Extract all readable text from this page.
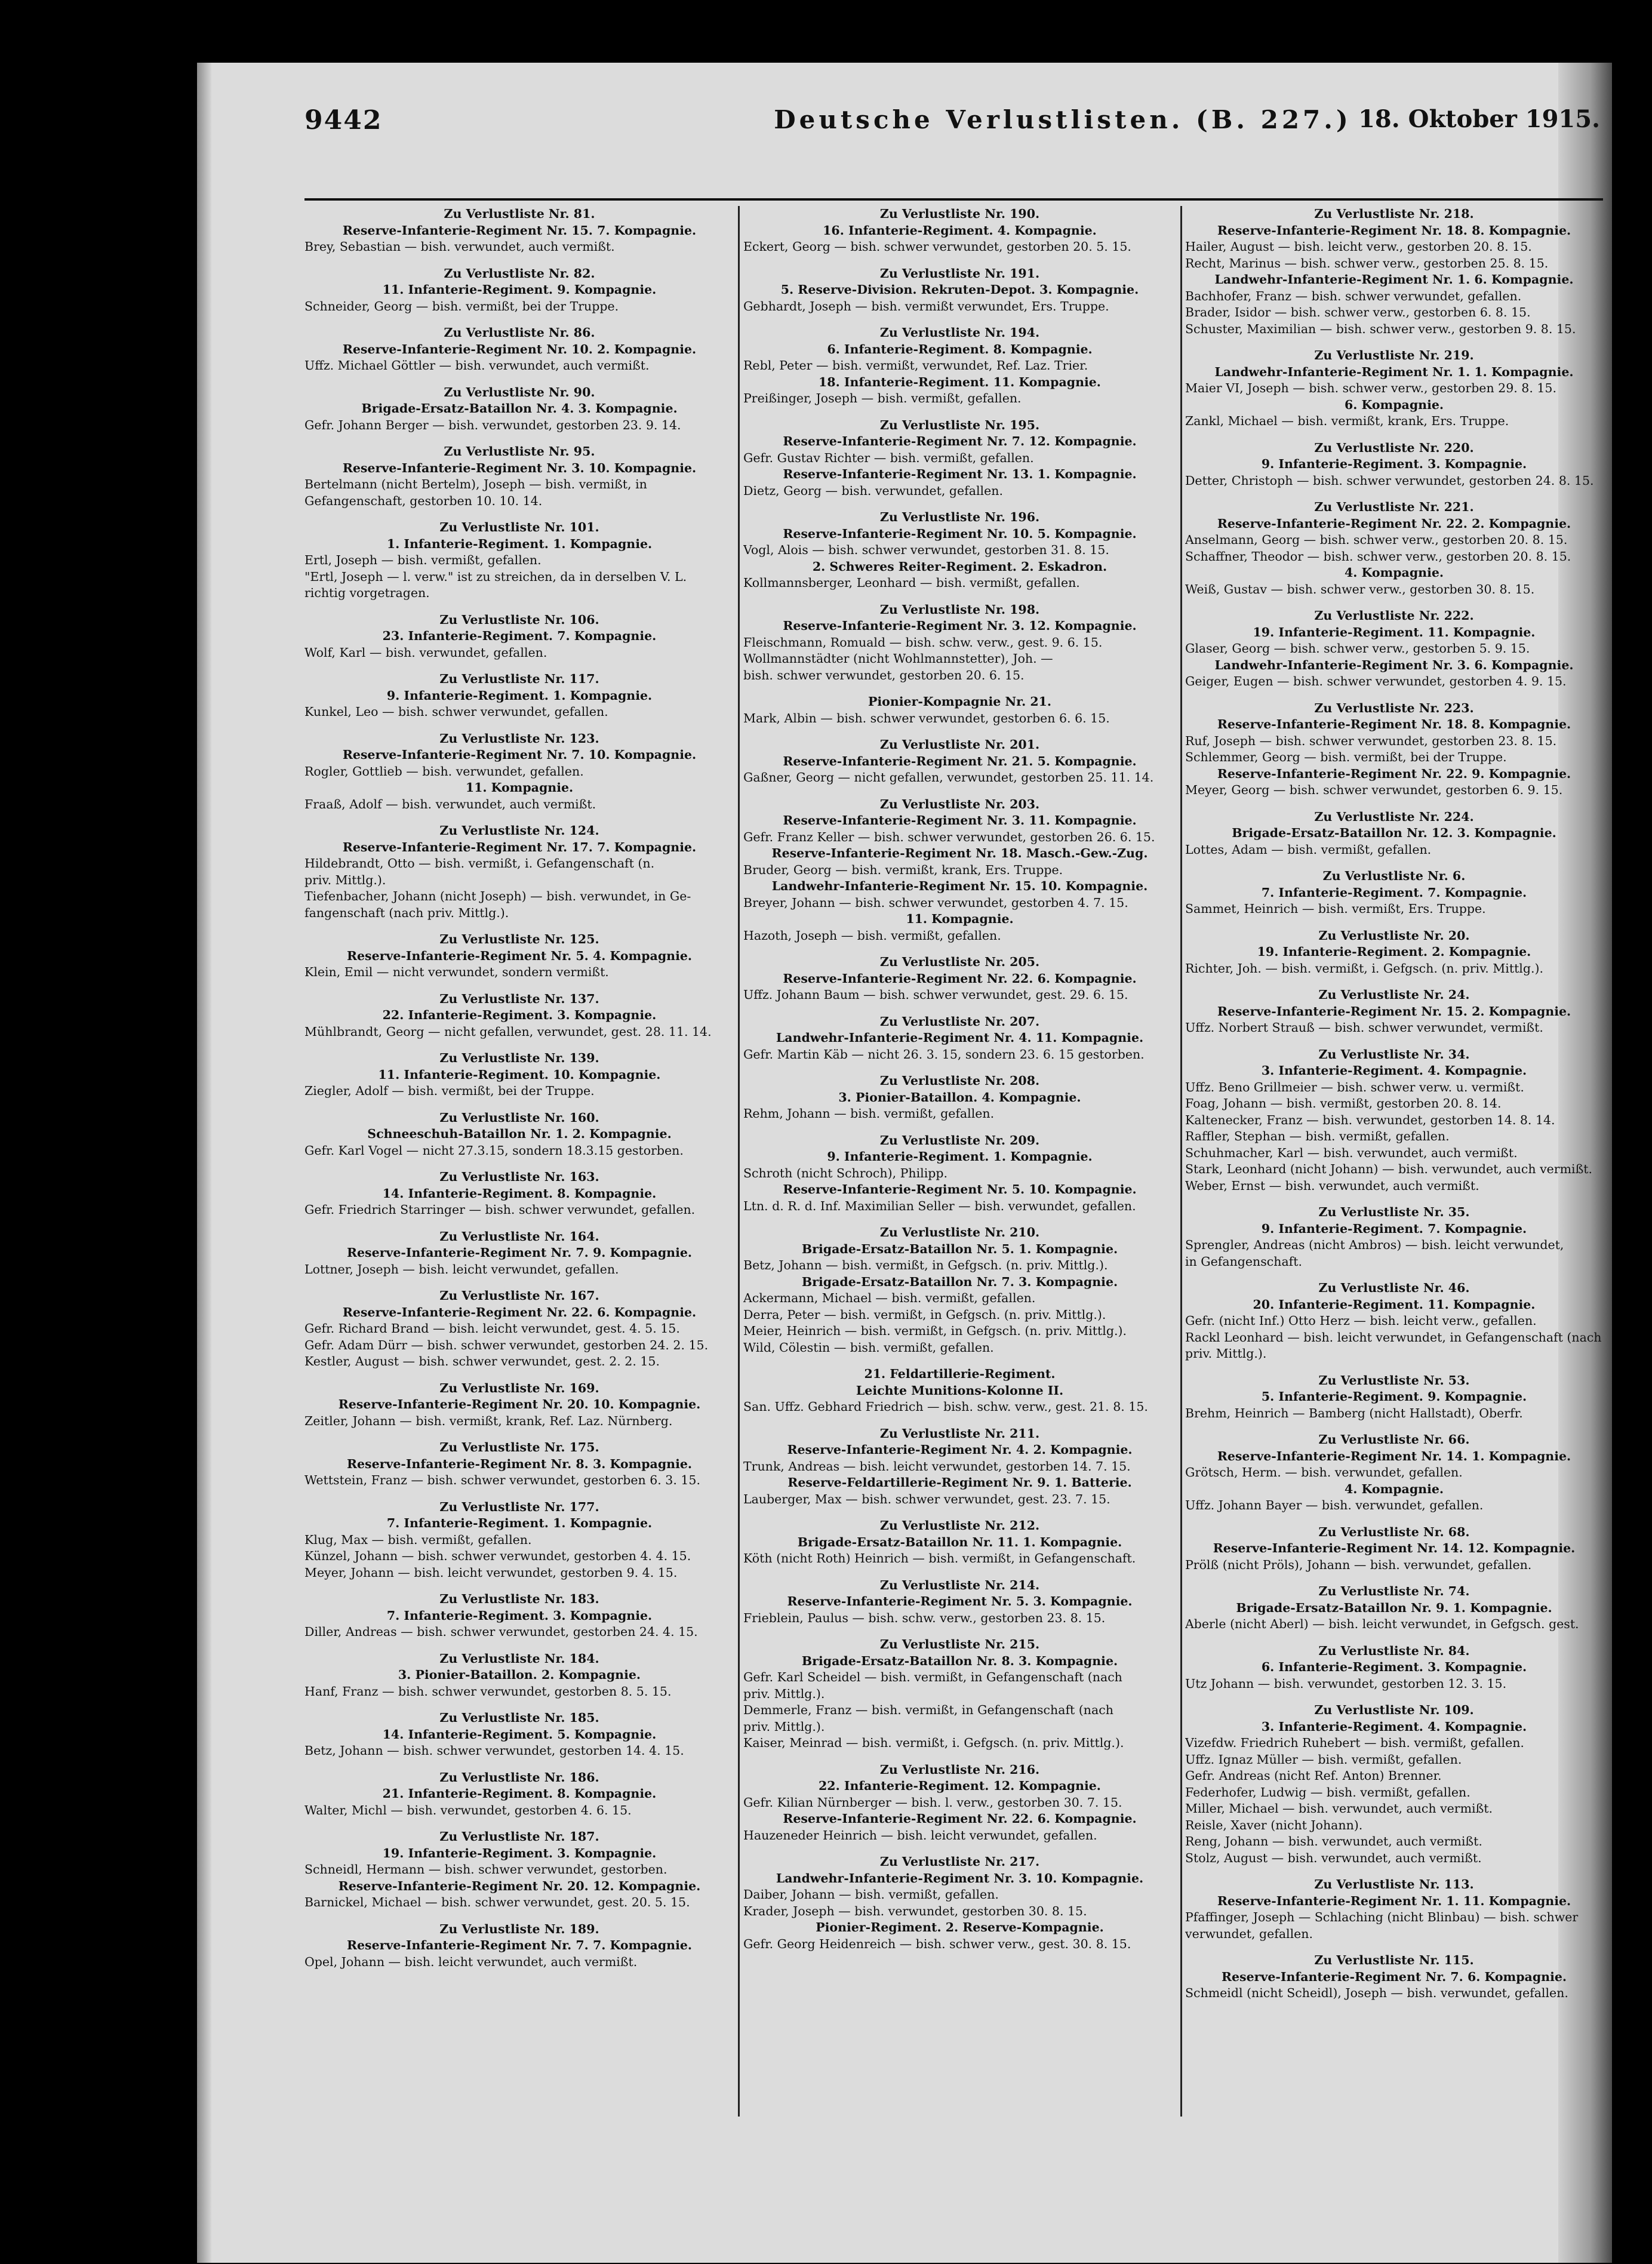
9442	Deutsche Verlustlisten. (B. 227.) 18. Oktober 1915.
Zu Verlustliste Nr. 81.
Reserve-Infanterie-Regiment Nr. 15. 7. Kompagnie.
Brey, Sebastian — bish. verwundet, auch vermißt.
Zu Verlustliste Nr. 82.
11. Infanterie-Regiment. 9. Kompagnie.
Schneider, Georg — bish. vermißt, bei der Truppe.
Zu Verlustliste Nr. 86.
Reserve-Infanterie-Regiment Nr. 10. 2. Kompagnie.
Uffz. Michael Göttler — bish. verwundet, auch vermißt.
Zu Verlustliste Nr. 90.
Brigade-Ersatz-Bataillon Nr. 4. 3. Kompagnie.
Gefr. Johann Berger — bish. verwundet, gestorben 23. 9. 14.
Zu Verlustliste Nr. 95.
Reserve-Infanterie-Regiment Nr. 3. 10. Kompagnie.
Bertelmann (nicht Bertelm), Joseph — bish. vermißt, in
Gefangenschaft, gestorben 10. 10. 14.
Zu Verlustliste Nr. 101.
1. Infanterie-Regiment. 1. Kompagnie.
Ertl, Joseph — bish. vermißt, gefallen.
"Ertl, Joseph — l. verw." ist zu streichen, da in derselben V. L.
richtig vorgetragen.
Zu Verlustliste Nr. 106.
23. Infanterie-Regiment. 7. Kompagnie.
Wolf, Karl — bish. verwundet, gefallen.
Zu Verlustliste Nr. 117.
9. Infanterie-Regiment. 1. Kompagnie.
Kunkel, Leo — bish. schwer verwundet, gefallen.
Zu Verlustliste Nr. 123.
Reserve-Infanterie-Regiment Nr. 7. 10. Kompagnie.
Rogler, Gottlieb — bish. verwundet, gefallen.
11. Kompagnie.
Fraaß, Adolf — bish. verwundet, auch vermißt.
Zu Verlustliste Nr. 124.
Reserve-Infanterie-Regiment Nr. 17. 7. Kompagnie.
Hildebrandt, Otto — bish. vermißt, i. Gefangenschaft (n.
priv. Mittlg.).
Tiefenbacher, Johann (nicht Joseph) — bish. verwundet, in Ge-
fangenschaft (nach priv. Mittlg.).
Zu Verlustliste Nr. 125.
Reserve-Infanterie-Regiment Nr. 5. 4. Kompagnie.
Klein, Emil — nicht verwundet, sondern vermißt.
Zu Verlustliste Nr. 137.
22. Infanterie-Regiment. 3. Kompagnie.
Mühlbrandt, Georg — nicht gefallen, verwundet, gest. 28. 11. 14.
Zu Verlustliste Nr. 139.
11. Infanterie-Regiment. 10. Kompagnie.
Ziegler, Adolf — bish. vermißt, bei der Truppe.
Zu Verlustliste Nr. 160.
Schneeschuh-Bataillon Nr. 1. 2. Kompagnie.
Gefr. Karl Vogel — nicht 27.3.15, sondern 18.3.15 gestorben.
Zu Verlustliste Nr. 163.
14. Infanterie-Regiment. 8. Kompagnie.
Gefr. Friedrich Starringer — bish. schwer verwundet, gefallen.
Zu Verlustliste Nr. 164.
Reserve-Infanterie-Regiment Nr. 7. 9. Kompagnie.
Lottner, Joseph — bish. leicht verwundet, gefallen.
Zu Verlustliste Nr. 167.
Reserve-Infanterie-Regiment Nr. 22. 6. Kompagnie.
Gefr. Richard Brand — bish. leicht verwundet, gest. 4. 5. 15.
Gefr. Adam Dürr — bish. schwer verwundet, gestorben 24. 2. 15.
Kestler, August — bish. schwer verwundet, gest. 2. 2. 15.
Zu Verlustliste Nr. 169.
Reserve-Infanterie-Regiment Nr. 20. 10. Kompagnie.
Zeitler, Johann — bish. vermißt, krank, Ref. Laz. Nürnberg.
Zu Verlustliste Nr. 175.
Reserve-Infanterie-Regiment Nr. 8. 3. Kompagnie.
Wettstein, Franz — bish. schwer verwundet, gestorben 6. 3. 15.
Zu Verlustliste Nr. 177.
7. Infanterie-Regiment. 1. Kompagnie.
Klug, Max — bish. vermißt, gefallen.
Künzel, Johann — bish. schwer verwundet, gestorben 4. 4. 15.
Meyer, Johann — bish. leicht verwundet, gestorben 9. 4. 15.
Zu Verlustliste Nr. 183.
7. Infanterie-Regiment. 3. Kompagnie.
Diller, Andreas — bish. schwer verwundet, gestorben 24. 4. 15.
Zu Verlustliste Nr. 184.
3. Pionier-Bataillon. 2. Kompagnie.
Hanf, Franz — bish. schwer verwundet, gestorben 8. 5. 15.
Zu Verlustliste Nr. 185.
14. Infanterie-Regiment. 5. Kompagnie.
Betz, Johann — bish. schwer verwundet, gestorben 14. 4. 15.
Zu Verlustliste Nr. 186.
21. Infanterie-Regiment. 8. Kompagnie.
Walter, Michl — bish. verwundet, gestorben 4. 6. 15.
Zu Verlustliste Nr. 187.
19. Infanterie-Regiment. 3. Kompagnie.
Schneidl, Hermann — bish. schwer verwundet, gestorben.
Reserve-Infanterie-Regiment Nr. 20. 12. Kompagnie.
Barnickel, Michael — bish. schwer verwundet, gest. 20. 5. 15.
Zu Verlustliste Nr. 189.
Reserve-Infanterie-Regiment Nr. 7. 7. Kompagnie.
Opel, Johann — bish. leicht verwundet, auch vermißt.
Zu Verlustliste Nr. 190.
16. Infanterie-Regiment. 4. Kompagnie.
Eckert, Georg — bish. schwer verwundet, gestorben 20. 5. 15.
Zu Verlustliste Nr. 191.
5. Reserve-Division. Rekruten-Depot. 3. Kompagnie.
Gebhardt, Joseph — bish. vermißt verwundet, Ers. Truppe.
Zu Verlustliste Nr. 194.
6. Infanterie-Regiment. 8. Kompagnie.
Rebl, Peter — bish. vermißt, verwundet, Ref. Laz. Trier.
18. Infanterie-Regiment. 11. Kompagnie.
Preißinger, Joseph — bish. vermißt, gefallen.
Zu Verlustliste Nr. 195.
Reserve-Infanterie-Regiment Nr. 7. 12. Kompagnie.
Gefr. Gustav Richter — bish. vermißt, gefallen.
Reserve-Infanterie-Regiment Nr. 13. 1. Kompagnie.
Dietz, Georg — bish. verwundet, gefallen.
Zu Verlustliste Nr. 196.
Reserve-Infanterie-Regiment Nr. 10. 5. Kompagnie.
Vogl, Alois — bish. schwer verwundet, gestorben 31. 8. 15.
2. Schweres Reiter-Regiment. 2. Eskadron.
Kollmannsberger, Leonhard — bish. vermißt, gefallen.
Zu Verlustliste Nr. 198.
Reserve-Infanterie-Regiment Nr. 3. 12. Kompagnie.
Fleischmann, Romuald — bish. schw. verw., gest. 9. 6. 15.
Wollmannstädter (nicht Wohlmannstetter), Joh. —
bish. schwer verwundet, gestorben 20. 6. 15.
Pionier-Kompagnie Nr. 21.
Mark, Albin — bish. schwer verwundet, gestorben 6. 6. 15.
Zu Verlustliste Nr. 201.
Reserve-Infanterie-Regiment Nr. 21. 5. Kompagnie.
Gaßner, Georg — nicht gefallen, verwundet, gestorben 25. 11. 14.
Zu Verlustliste Nr. 203.
Reserve-Infanterie-Regiment Nr. 3. 11. Kompagnie.
Gefr. Franz Keller — bish. schwer verwundet, gestorben 26. 6. 15.
Reserve-Infanterie-Regiment Nr. 18. Masch.-Gew.-Zug.
Bruder, Georg — bish. vermißt, krank, Ers. Truppe.
Landwehr-Infanterie-Regiment Nr. 15. 10. Kompagnie.
Breyer, Johann — bish. schwer verwundet, gestorben 4. 7. 15.
11. Kompagnie.
Hazoth, Joseph — bish. vermißt, gefallen.
Zu Verlustliste Nr. 205.
Reserve-Infanterie-Regiment Nr. 22. 6. Kompagnie.
Uffz. Johann Baum — bish. schwer verwundet, gest. 29. 6. 15.
Zu Verlustliste Nr. 207.
Landwehr-Infanterie-Regiment Nr. 4. 11. Kompagnie.
Gefr. Martin Käb — nicht 26. 3. 15, sondern 23. 6. 15 gestorben.
Zu Verlustliste Nr. 208.
3. Pionier-Bataillon. 4. Kompagnie.
Rehm, Johann — bish. vermißt, gefallen.
Zu Verlustliste Nr. 209.
9. Infanterie-Regiment. 1. Kompagnie.
Schroth (nicht Schroch), Philipp.
Reserve-Infanterie-Regiment Nr. 5. 10. Kompagnie.
Ltn. d. R. d. Inf. Maximilian Seller — bish. verwundet, gefallen.
Zu Verlustliste Nr. 210.
Brigade-Ersatz-Bataillon Nr. 5. 1. Kompagnie.
Betz, Johann — bish. vermißt, in Gefgsch. (n. priv. Mittlg.).
Brigade-Ersatz-Bataillon Nr. 7. 3. Kompagnie.
Ackermann, Michael — bish. vermißt, gefallen.
Derra, Peter — bish. vermißt, in Gefgsch. (n. priv. Mittlg.).
Meier, Heinrich — bish. vermißt, in Gefgsch. (n. priv. Mittlg.).
Wild, Cölestin — bish. vermißt, gefallen.
21. Feldartillerie-Regiment.
Leichte Munitions-Kolonne II.
San. Uffz. Gebhard Friedrich — bish. schw. verw., gest. 21. 8. 15.
Zu Verlustliste Nr. 211.
Reserve-Infanterie-Regiment Nr. 4. 2. Kompagnie.
Trunk, Andreas — bish. leicht verwundet, gestorben 14. 7. 15.
Reserve-Feldartillerie-Regiment Nr. 9. 1. Batterie.
Lauberger, Max — bish. schwer verwundet, gest. 23. 7. 15.
Zu Verlustliste Nr. 212.
Brigade-Ersatz-Bataillon Nr. 11. 1. Kompagnie.
Köth (nicht Roth) Heinrich — bish. vermißt, in Gefangenschaft.
Zu Verlustliste Nr. 214.
Reserve-Infanterie-Regiment Nr. 5. 3. Kompagnie.
Frieblein, Paulus — bish. schw. verw., gestorben 23. 8. 15.
Zu Verlustliste Nr. 215.
Brigade-Ersatz-Bataillon Nr. 8. 3. Kompagnie.
Gefr. Karl Scheidel — bish. vermißt, in Gefangenschaft (nach
priv. Mittlg.).
Demmerle, Franz — bish. vermißt, in Gefangenschaft (nach
priv. Mittlg.).
Kaiser, Meinrad — bish. vermißt, i. Gefgsch. (n. priv. Mittlg.).
Zu Verlustliste Nr. 216.
22. Infanterie-Regiment. 12. Kompagnie.
Gefr. Kilian Nürnberger — bish. l. verw., gestorben 30. 7. 15.
Reserve-Infanterie-Regiment Nr. 22. 6. Kompagnie.
Hauzeneder Heinrich — bish. leicht verwundet, gefallen.
Zu Verlustliste Nr. 217.
Landwehr-Infanterie-Regiment Nr. 3. 10. Kompagnie.
Daiber, Johann — bish. vermißt, gefallen.
Krader, Joseph — bish. verwundet, gestorben 30. 8. 15.
Pionier-Regiment. 2. Reserve-Kompagnie.
Gefr. Georg Heidenreich — bish. schwer verw., gest. 30. 8. 15.
Zu Verlustliste Nr. 218.
Reserve-Infanterie-Regiment Nr. 18. 8. Kompagnie.
Hailer, August — bish. leicht verw., gestorben 20. 8. 15.
Recht, Marinus — bish. schwer verw., gestorben 25. 8. 15.
Landwehr-Infanterie-Regiment Nr. 1. 6. Kompagnie.
Bachhofer, Franz — bish. schwer verwundet, gefallen.
Brader, Isidor — bish. schwer verw., gestorben 6. 8. 15.
Schuster, Maximilian — bish. schwer verw., gestorben 9. 8. 15.
Zu Verlustliste Nr. 219.
Landwehr-Infanterie-Regiment Nr. 1. 1. Kompagnie.
Maier VI, Joseph — bish. schwer verw., gestorben 29. 8. 15.
6. Kompagnie.
Zankl, Michael — bish. vermißt, krank, Ers. Truppe.
Zu Verlustliste Nr. 220.
9. Infanterie-Regiment. 3. Kompagnie.
Detter, Christoph — bish. schwer verwundet, gestorben 24. 8. 15.
Zu Verlustliste Nr. 221.
Reserve-Infanterie-Regiment Nr. 22. 2. Kompagnie.
Anselmann, Georg — bish. schwer verw., gestorben 20. 8. 15.
Schaffner, Theodor — bish. schwer verw., gestorben 20. 8. 15.
4. Kompagnie.
Weiß, Gustav — bish. schwer verw., gestorben 30. 8. 15.
Zu Verlustliste Nr. 222.
19. Infanterie-Regiment. 11. Kompagnie.
Glaser, Georg — bish. schwer verw., gestorben 5. 9. 15.
Landwehr-Infanterie-Regiment Nr. 3. 6. Kompagnie.
Geiger, Eugen — bish. schwer verwundet, gestorben 4. 9. 15.
Zu Verlustliste Nr. 223.
Reserve-Infanterie-Regiment Nr. 18. 8. Kompagnie.
Ruf, Joseph — bish. schwer verwundet, gestorben 23. 8. 15.
Schlemmer, Georg — bish. vermißt, bei der Truppe.
Reserve-Infanterie-Regiment Nr. 22. 9. Kompagnie.
Meyer, Georg — bish. schwer verwundet, gestorben 6. 9. 15.
Zu Verlustliste Nr. 224.
Brigade-Ersatz-Bataillon Nr. 12. 3. Kompagnie.
Lottes, Adam — bish. vermißt, gefallen.
Zu Verlustliste Nr. 6.
7. Infanterie-Regiment. 7. Kompagnie.
Sammet, Heinrich — bish. vermißt, Ers. Truppe.
Zu Verlustliste Nr. 20.
19. Infanterie-Regiment. 2. Kompagnie.
Richter, Joh. — bish. vermißt, i. Gefgsch. (n. priv. Mittlg.).
Zu Verlustliste Nr. 24.
Reserve-Infanterie-Regiment Nr. 15. 2. Kompagnie.
Uffz. Norbert Strauß — bish. schwer verwundet, vermißt.
Zu Verlustliste Nr. 34.
3. Infanterie-Regiment. 4. Kompagnie.
Uffz. Beno Grillmeier — bish. schwer verw. u. vermißt.
Foag, Johann — bish. vermißt, gestorben 20. 8. 14.
Kaltenecker, Franz — bish. verwundet, gestorben 14. 8. 14.
Raffler, Stephan — bish. vermißt, gefallen.
Schuhmacher, Karl — bish. verwundet, auch vermißt.
Stark, Leonhard (nicht Johann) — bish. verwundet, auch vermißt.
Weber, Ernst — bish. verwundet, auch vermißt.
Zu Verlustliste Nr. 35.
9. Infanterie-Regiment. 7. Kompagnie.
Sprengler, Andreas (nicht Ambros) — bish. leicht verwundet,
in Gefangenschaft.
Zu Verlustliste Nr. 46.
20. Infanterie-Regiment. 11. Kompagnie.
Gefr. (nicht Inf.) Otto Herz — bish. leicht verw., gefallen.
Rackl Leonhard — bish. leicht verwundet, in Gefangenschaft (nach
priv. Mittlg.).
Zu Verlustliste Nr. 53.
5. Infanterie-Regiment. 9. Kompagnie.
Brehm, Heinrich — Bamberg (nicht Hallstadt), Oberfr.
Zu Verlustliste Nr. 66.
Reserve-Infanterie-Regiment Nr. 14. 1. Kompagnie.
Grötsch, Herm. — bish. verwundet, gefallen.
4. Kompagnie.
Uffz. Johann Bayer — bish. verwundet, gefallen.
Zu Verlustliste Nr. 68.
Reserve-Infanterie-Regiment Nr. 14. 12. Kompagnie.
Prölß (nicht Pröls), Johann — bish. verwundet, gefallen.
Zu Verlustliste Nr. 74.
Brigade-Ersatz-Bataillon Nr. 9. 1. Kompagnie.
Aberle (nicht Aberl) — bish. leicht verwundet, in Gefgsch. gest.
Zu Verlustliste Nr. 84.
6. Infanterie-Regiment. 3. Kompagnie.
Utz Johann — bish. verwundet, gestorben 12. 3. 15.
Zu Verlustliste Nr. 109.
3. Infanterie-Regiment. 4. Kompagnie.
Vizefdw. Friedrich Ruhebert — bish. vermißt, gefallen.
Uffz. Ignaz Müller — bish. vermißt, gefallen.
Gefr. Andreas (nicht Ref. Anton) Brenner.
Federhofer, Ludwig — bish. vermißt, gefallen.
Miller, Michael — bish. verwundet, auch vermißt.
Reisle, Xaver (nicht Johann).
Reng, Johann — bish. verwundet, auch vermißt.
Stolz, August — bish. verwundet, auch vermißt.
Zu Verlustliste Nr. 113.
Reserve-Infanterie-Regiment Nr. 1. 11. Kompagnie.
Pfaffinger, Joseph — Schlaching (nicht Blinbau) — bish. schwer
verwundet, gefallen.
Zu Verlustliste Nr. 115.
Reserve-Infanterie-Regiment Nr. 7. 6. Kompagnie.
Schmeidl (nicht Scheidl), Joseph — bish. verwundet, gefallen.
